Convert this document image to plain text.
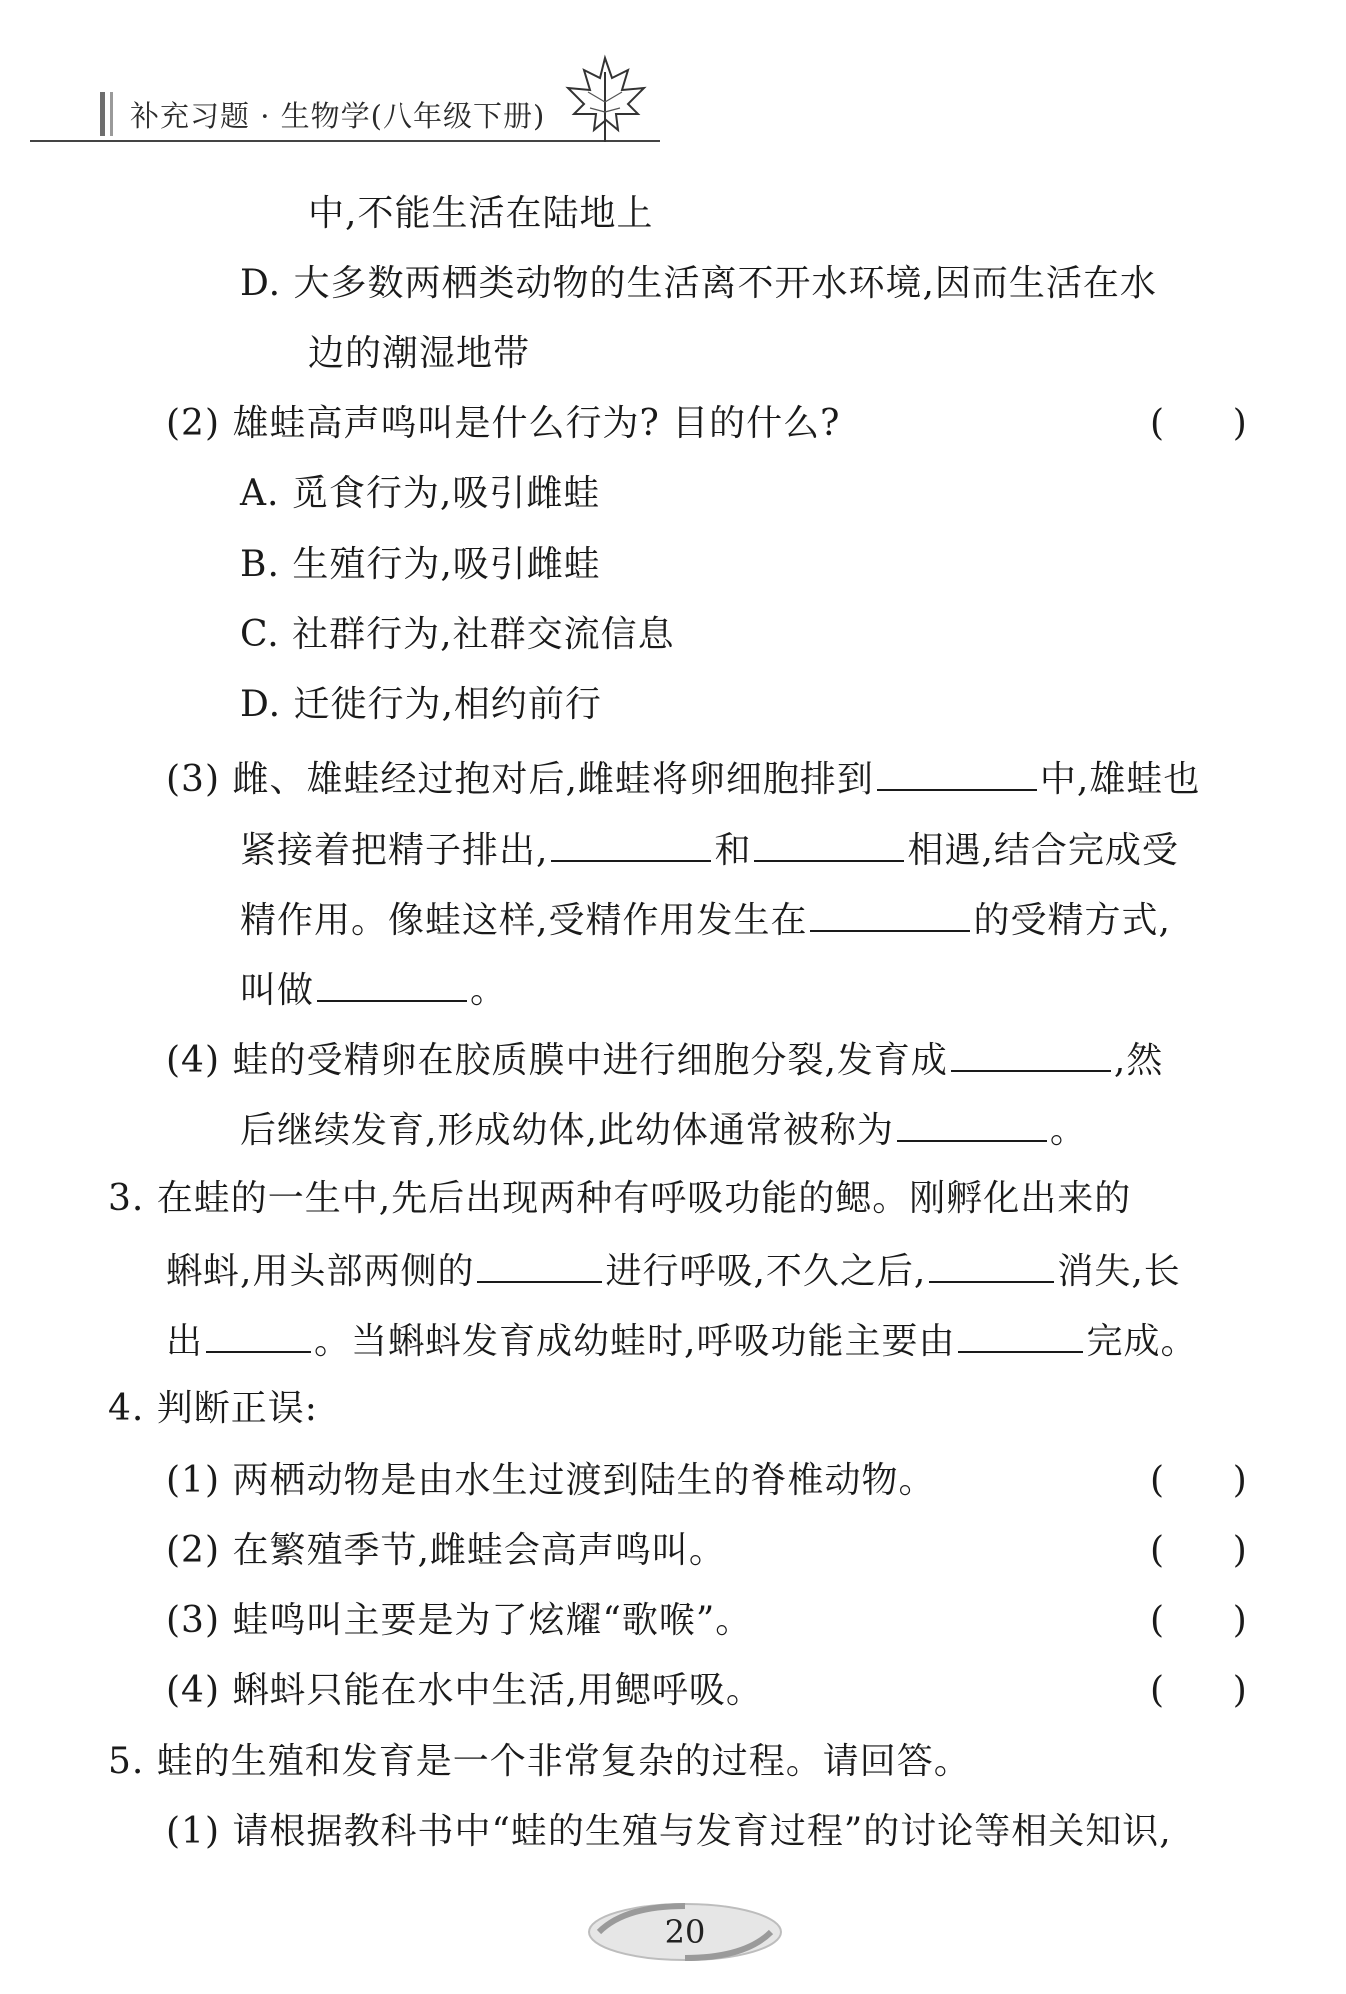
补充习题 · 生物学(八年级下册)
中,不能生活在陆地上
D. 大多数两栖类动物的生活离不开水环境,因而生活在水
边的潮湿地带
(2) 雄蛙高声鸣叫是什么行为? 目的什么?	(      )
A. 觅食行为,吸引雌蛙
B. 生殖行为,吸引雌蛙
C. 社群行为,社群交流信息
D. 迁徙行为,相约前行
(3) 雌、雄蛙经过抱对后,雌蛙将卵细胞排到	中,雄蛙也
紧接着把精子排出,	和	相遇,结合完成受
精作用。像蛙这样,受精作用发生在	的受精方式,
叫做	。
(4) 蛙的受精卵在胶质膜中进行细胞分裂,发育成	,然
后继续发育,形成幼体,此幼体通常被称为	。
3. 在蛙的一生中,先后出现两种有呼吸功能的鳃。刚孵化出来的
蝌蚪,用头部两侧的	进行呼吸,不久之后,	消失,长
出	。当蝌蚪发育成幼蛙时,呼吸功能主要由	完成。
4. 判断正误:
(1) 两栖动物是由水生过渡到陆生的脊椎动物。	(      )
(2) 在繁殖季节,雌蛙会高声鸣叫。	(      )
(3) 蛙鸣叫主要是为了炫耀“歌喉”。	(      )
(4) 蝌蚪只能在水中生活,用鳃呼吸。	(      )
5. 蛙的生殖和发育是一个非常复杂的过程。请回答。
(1) 请根据教科书中“蛙的生殖与发育过程”的讨论等相关知识,
20
